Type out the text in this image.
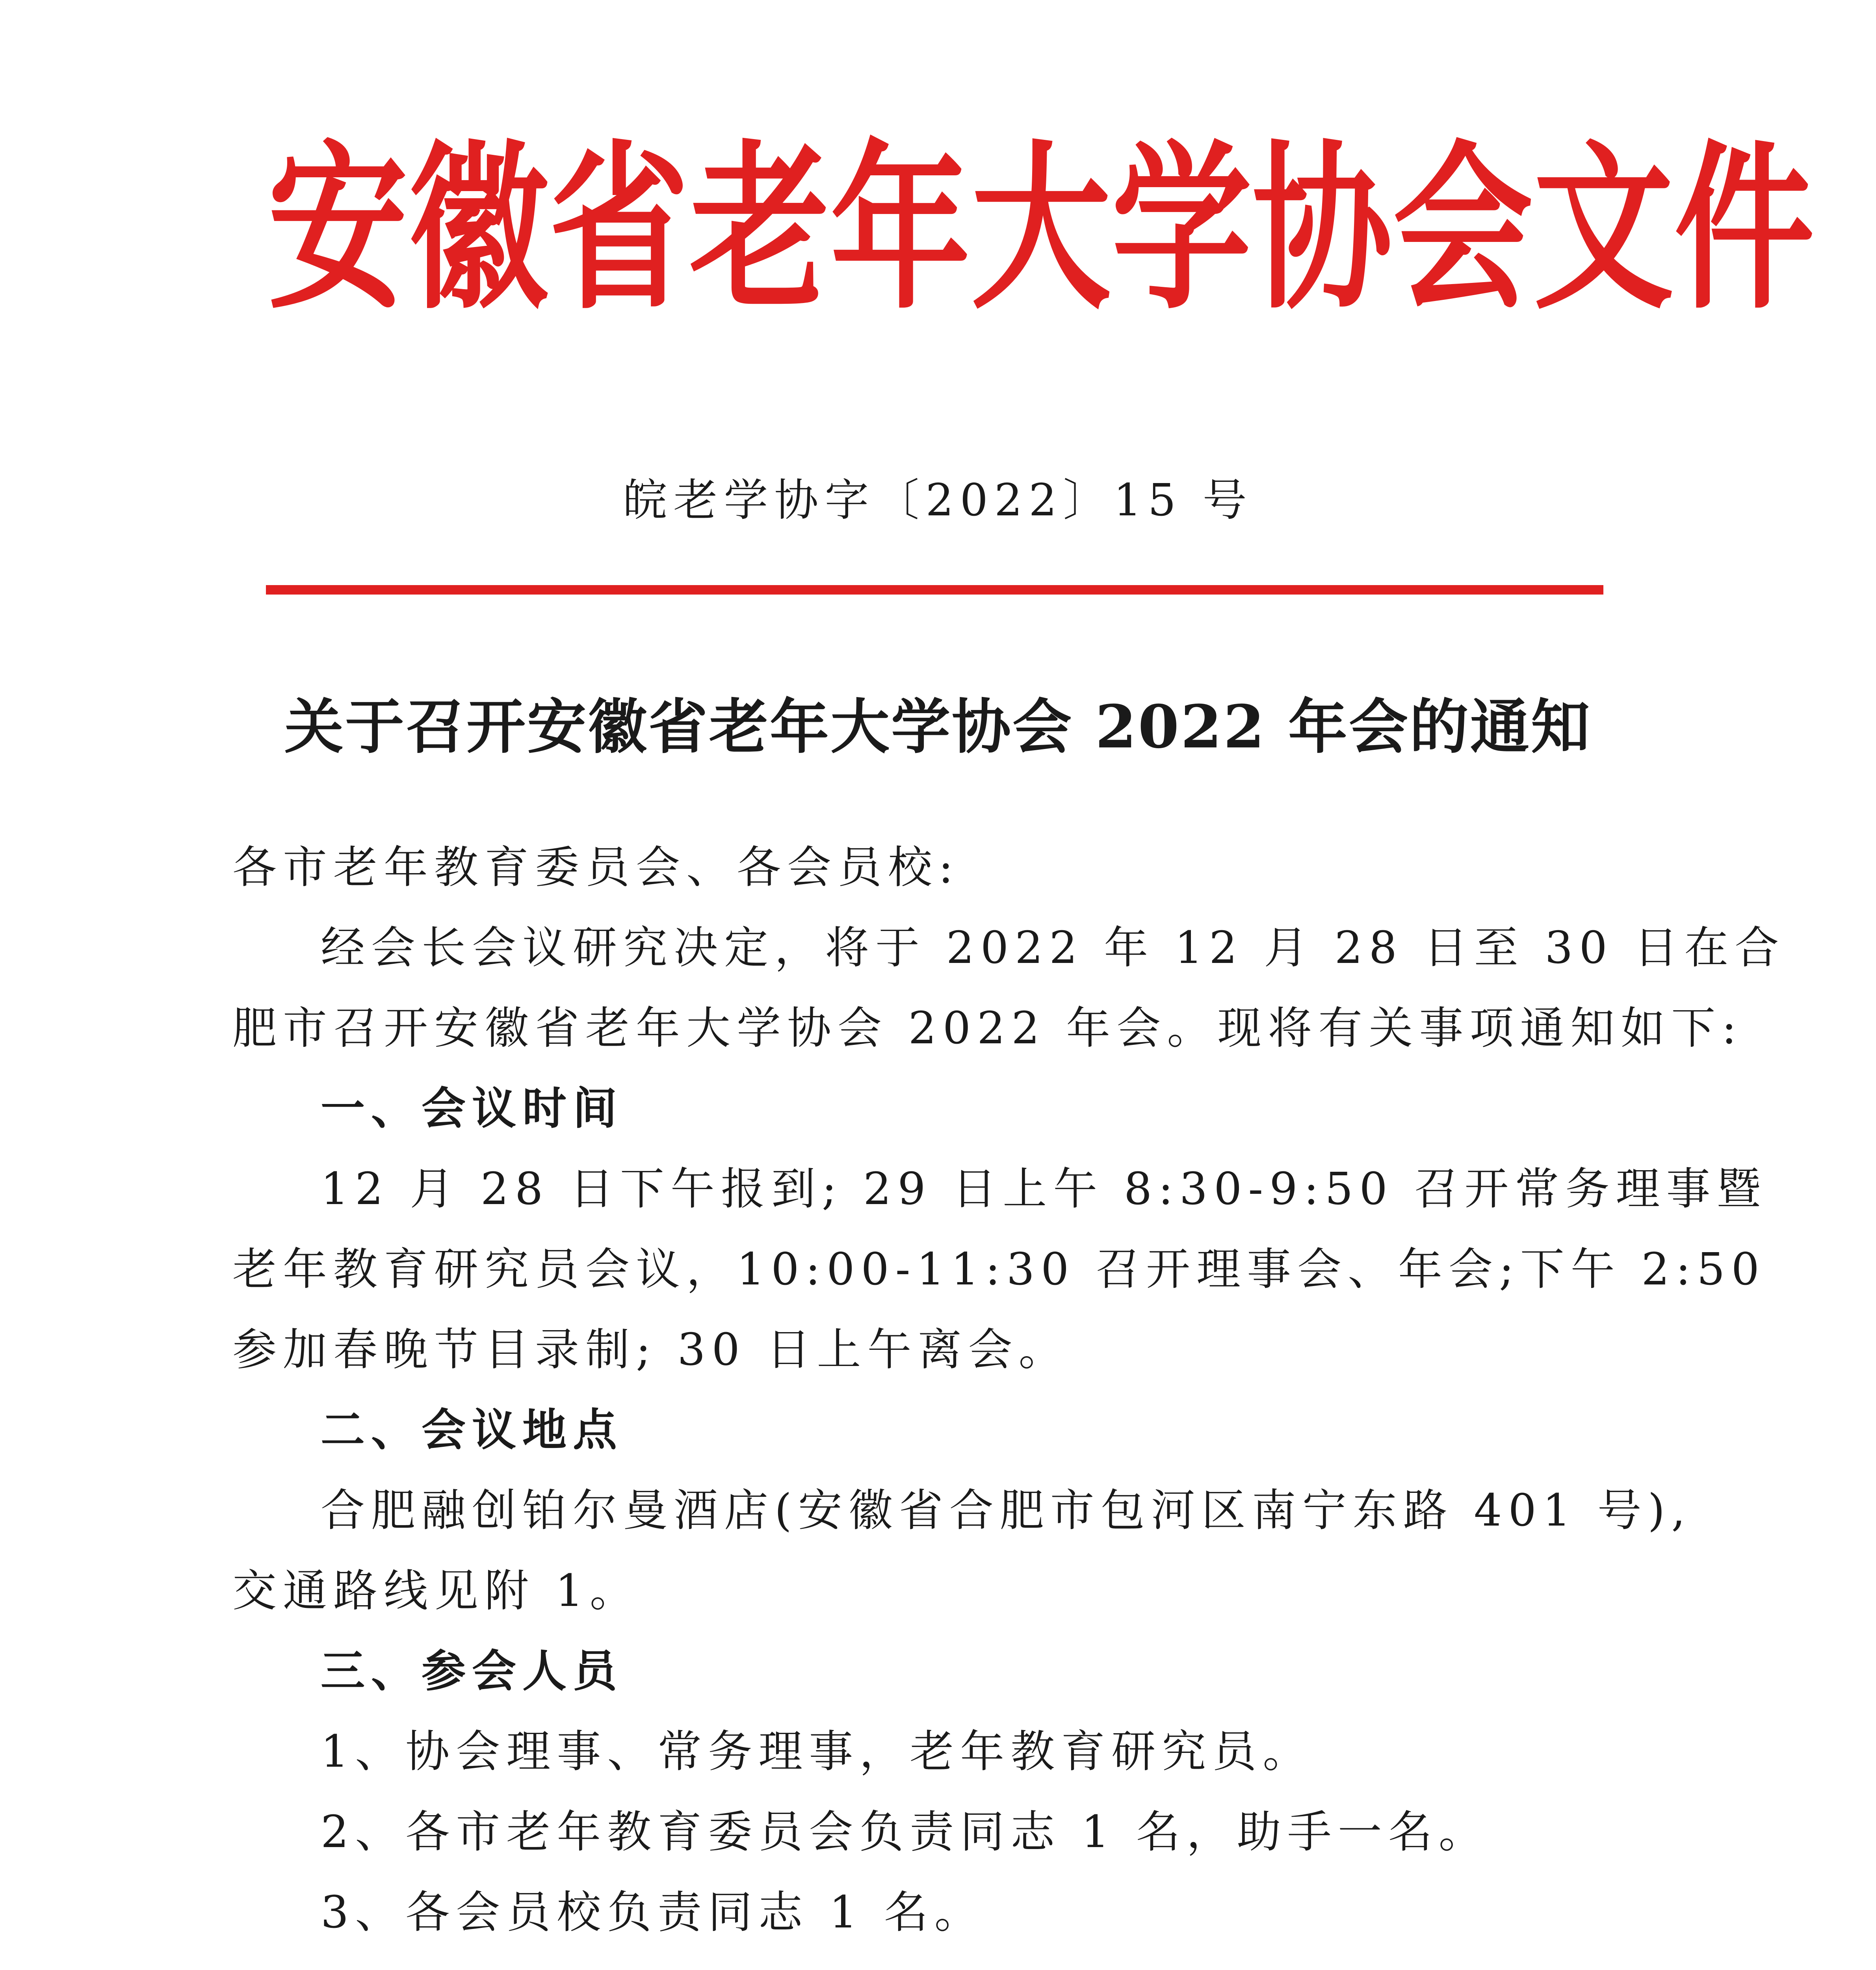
安徽省老年大学协会文件
皖老学协字〔2022〕15 号
关于召开安徽省老年大学协会 2022 年会的通知

各市老年教育委员会、各会员校:

经会长会议研究决定，将于 2022 年 12 月 28 日至 30 日在合

肥市召开安徽省老年大学协会 2022 年会。现将有关事项通知如下:

一、会议时间

12 月 28 日下午报到; 29 日上午 8:30-9:50 召开常务理事暨

老年教育研究员会议，10:00-11:30 召开理事会、年会;下午 2:50

参加春晚节目录制; 30 日上午离会。

二、会议地点

合肥融创铂尔曼酒店(安徽省合肥市包河区南宁东路 401 号),

交通路线见附 1。

三、参会人员

1、协会理事、常务理事，老年教育研究员。

2、各市老年教育委员会负责同志 1 名，助手一名。

3、各会员校负责同志 1 名。
